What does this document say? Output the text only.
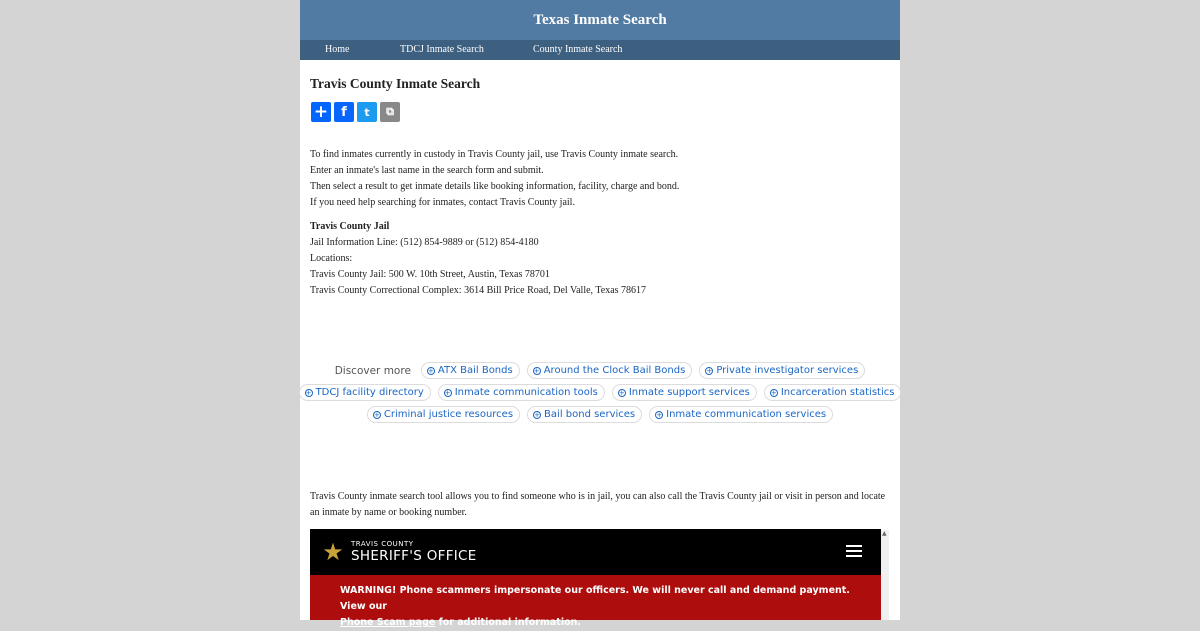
Texas Inmate Search
Home	TDCJ Inmate Search	County Inmate Search
Travis County Inmate Search
+	f	t	⧉
To find inmates currently in custody in Travis County jail, use Travis County inmate search.
Enter an inmate's last name in the search form and submit.
Then select a result to get inmate details like booking information, facility, charge and bond.
If you need help searching for inmates, contact Travis County jail.
Travis County Jail
Jail Information Line: (512) 854-9889 or (512) 854-4180
Locations:
Travis County Jail: 500 W. 10th Street, Austin, Texas 78701
Travis County Correctional Complex: 3614 Bill Price Road, Del Valle, Texas 78617
Discover more + ATX Bail Bonds	+ Around the Clock Bail Bonds	+ Private investigator services
+ TDCJ facility directory	+ Inmate communication tools	+ Inmate support services	+ Incarceration statistics
+ Criminal justice resources	+ Bail bond services	+ Inmate communication services
Travis County inmate search tool allows you to find someone who is in jail, you can also call the Travis County jail or visit in person and locate an inmate by name or booking number.
★	TRAVIS COUNTY
SHERIFF'S OFFICE
WARNING! Phone scammers impersonate our officers. We will never call and demand payment. View our
Phone Scam page for additional information.
▲
